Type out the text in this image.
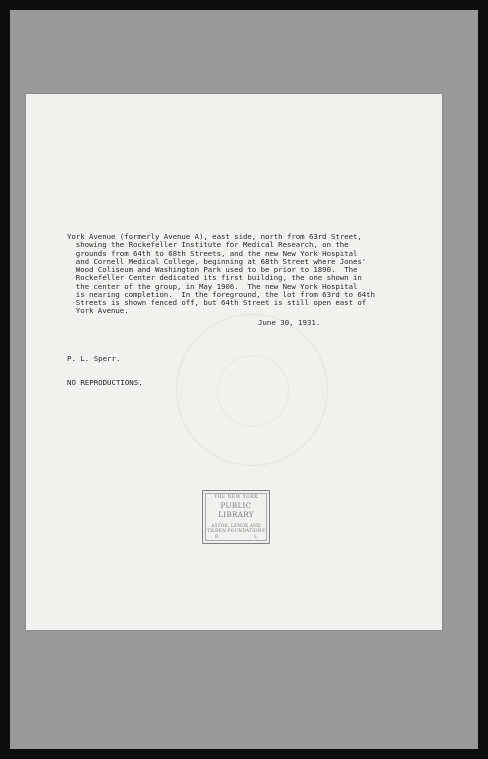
York Avenue (formerly Avenue A), east side, north from 63rd Street,
showing the Rockefeller Institute for Medical Research, on the
grounds from 64th to 68th Streets, and the new New York Hospital
and Cornell Medical College, beginning at 68th Street where Jones'
Wood Coliseum and Washington Park used to be prior to 1890.  The
Rockefeller Center dedicated its first building, the one shown in
the center of the group, in May 1906.  The new New York Hospital
is nearing completion.  In the foreground, the lot from 63rd to 64th
Streets is shown fenced off, but 64th Street is still open east of
York Avenue.
June 30, 1931.

P. L. Sperr.

NO REPRODUCTIONS.

THE NEW YORK
PUBLIC LIBRARY
ASTOR, LENOX AND
TILDEN FOUNDATIONS
R	L
